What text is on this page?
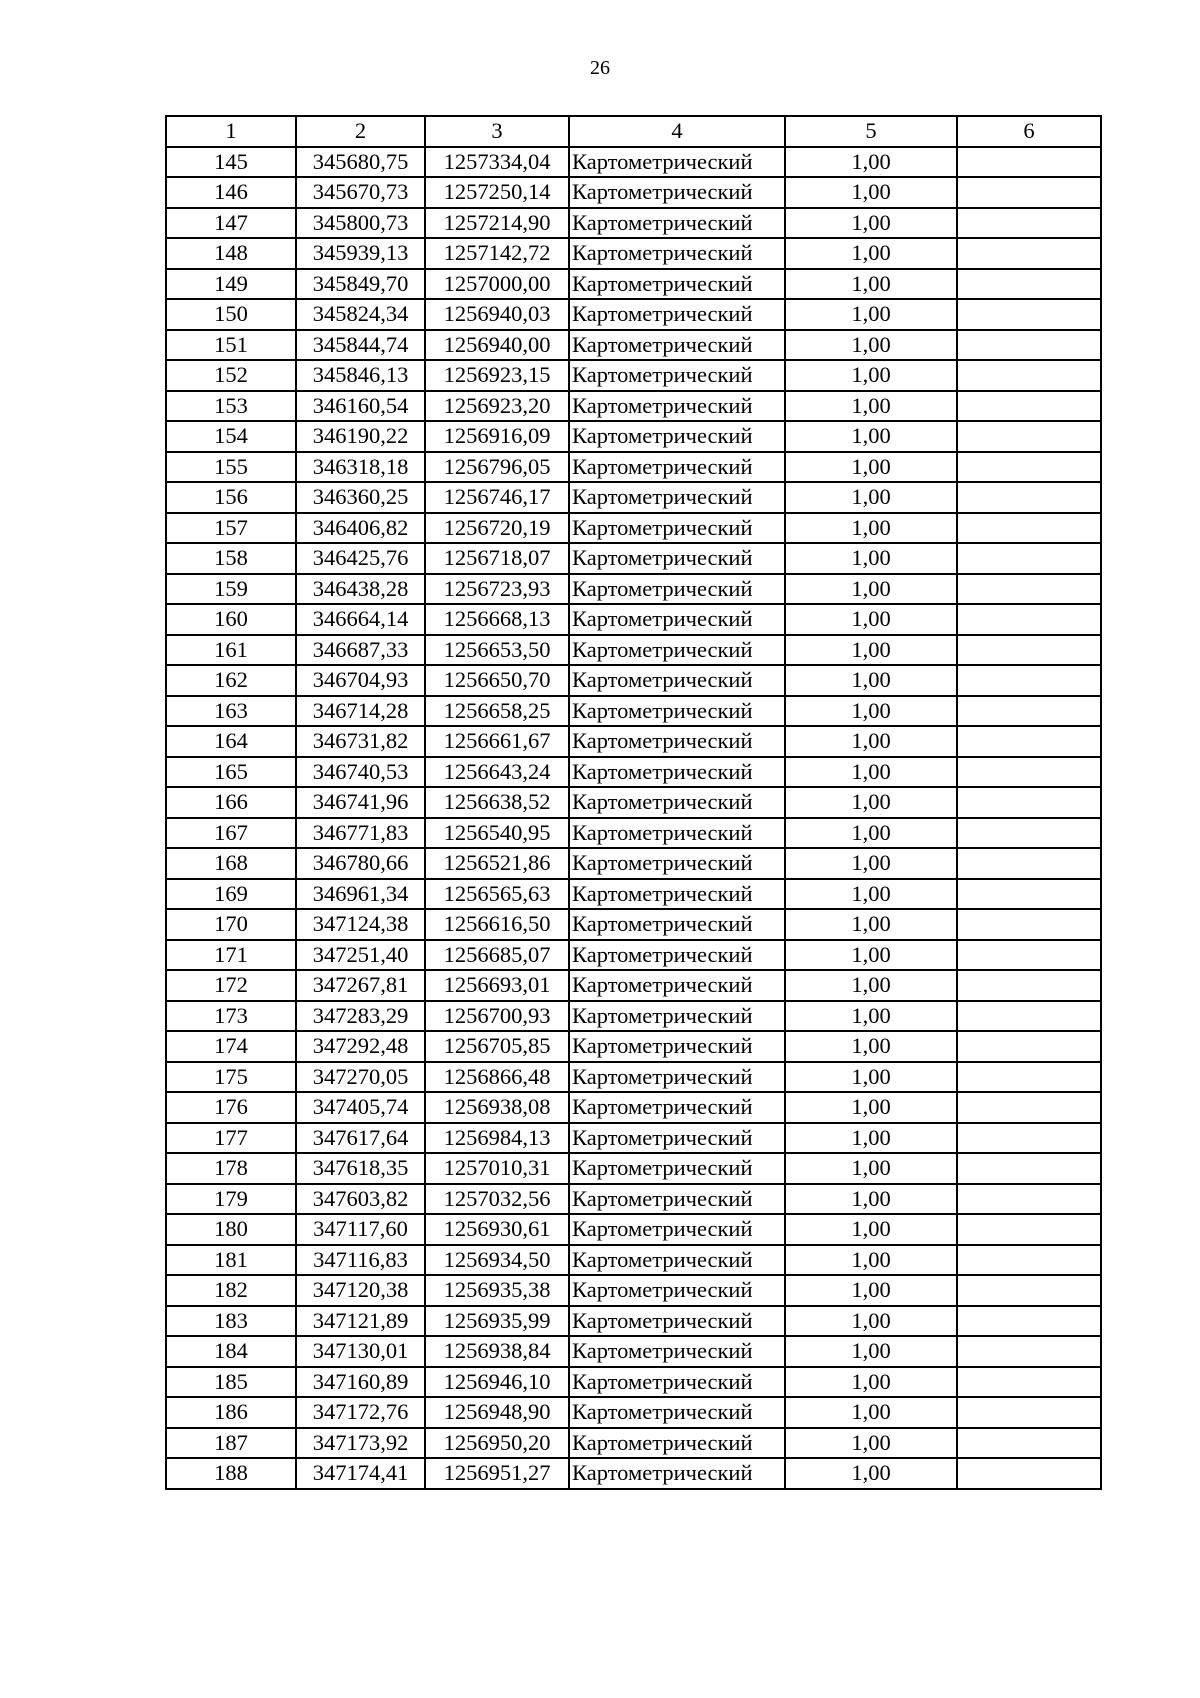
26
1	2	3	4	5	6
145	345680,75	1257334,04	Картометрический	1,00	
146	345670,73	1257250,14	Картометрический	1,00	
147	345800,73	1257214,90	Картометрический	1,00	
148	345939,13	1257142,72	Картометрический	1,00	
149	345849,70	1257000,00	Картометрический	1,00	
150	345824,34	1256940,03	Картометрический	1,00	
151	345844,74	1256940,00	Картометрический	1,00	
152	345846,13	1256923,15	Картометрический	1,00	
153	346160,54	1256923,20	Картометрический	1,00	
154	346190,22	1256916,09	Картометрический	1,00	
155	346318,18	1256796,05	Картометрический	1,00	
156	346360,25	1256746,17	Картометрический	1,00	
157	346406,82	1256720,19	Картометрический	1,00	
158	346425,76	1256718,07	Картометрический	1,00	
159	346438,28	1256723,93	Картометрический	1,00	
160	346664,14	1256668,13	Картометрический	1,00	
161	346687,33	1256653,50	Картометрический	1,00	
162	346704,93	1256650,70	Картометрический	1,00	
163	346714,28	1256658,25	Картометрический	1,00	
164	346731,82	1256661,67	Картометрический	1,00	
165	346740,53	1256643,24	Картометрический	1,00	
166	346741,96	1256638,52	Картометрический	1,00	
167	346771,83	1256540,95	Картометрический	1,00	
168	346780,66	1256521,86	Картометрический	1,00	
169	346961,34	1256565,63	Картометрический	1,00	
170	347124,38	1256616,50	Картометрический	1,00	
171	347251,40	1256685,07	Картометрический	1,00	
172	347267,81	1256693,01	Картометрический	1,00	
173	347283,29	1256700,93	Картометрический	1,00	
174	347292,48	1256705,85	Картометрический	1,00	
175	347270,05	1256866,48	Картометрический	1,00	
176	347405,74	1256938,08	Картометрический	1,00	
177	347617,64	1256984,13	Картометрический	1,00	
178	347618,35	1257010,31	Картометрический	1,00	
179	347603,82	1257032,56	Картометрический	1,00	
180	347117,60	1256930,61	Картометрический	1,00	
181	347116,83	1256934,50	Картометрический	1,00	
182	347120,38	1256935,38	Картометрический	1,00	
183	347121,89	1256935,99	Картометрический	1,00	
184	347130,01	1256938,84	Картометрический	1,00	
185	347160,89	1256946,10	Картометрический	1,00	
186	347172,76	1256948,90	Картометрический	1,00	
187	347173,92	1256950,20	Картометрический	1,00	
188	347174,41	1256951,27	Картометрический	1,00	
